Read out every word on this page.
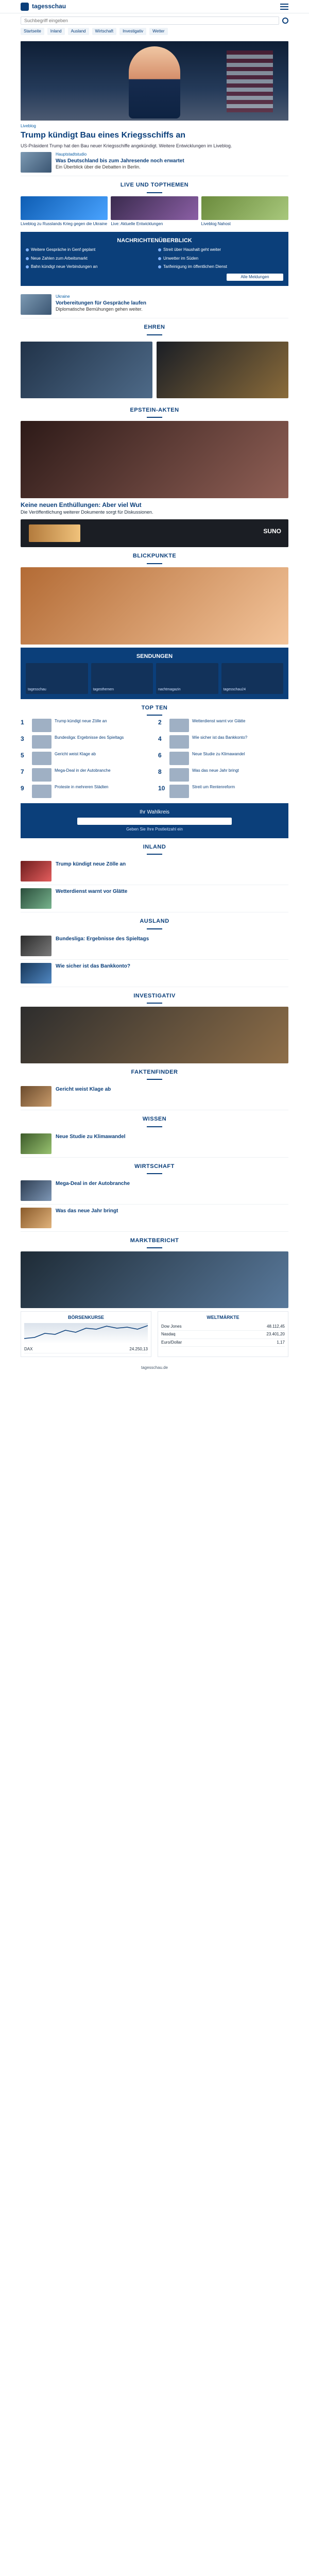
tagesschau
Suchbegriff eingeben
Startseite	Inland	Ausland	Wirtschaft	Investigativ	Wetter
Liveblog
Trump kündigt Bau eines Kriegsschiffs an
US-Präsident Trump hat den Bau neuer Kriegsschiffe angekündigt. Weitere Entwicklungen im Liveblog.
Hauptstadtstudio
Was Deutschland bis zum Jahresende noch erwartet
Ein Überblick über die Debatten in Berlin.
LIVE UND TOPTHEMEN
Liveblog zu Russlands Krieg gegen die Ukraine Live: Aktuelle Entwicklungen	Liveblog Nahost
NACHRICHTENÜBERBLICK
Weitere Gespräche in Genf geplant	Streit über Haushalt geht weiter
Neue Zahlen zum Arbeitsmarkt	Unwetter im Süden
Bahn kündigt neue Verbindungen an	Tarifeinigung im öffentlichen Dienst
Alle Meldungen
Ukraine
Vorbereitungen für Gespräche laufen
Diplomatische Bemühungen gehen weiter.
EHREN
EPSTEIN-AKTEN
Keine neuen Enthüllungen: Aber viel Wut
Die Veröffentlichung weiterer Dokumente sorgt für Diskussionen.
SUNO
BLICKPUNKTE
SENDUNGEN
tagesschau	tagesthemen	nachtmagazin	tagesschau24
TOP TEN
1	Trump kündigt neue Zölle an	2	Wetterdienst warnt vor Glätte
3	Bundesliga: Ergebnisse des Spieltags	4	Wie sicher ist das Bankkonto?
5	Gericht weist Klage ab	6	Neue Studie zu Klimawandel
7	Mega-Deal in der Autobranche	8	Was das neue Jahr bringt
9	Proteste in mehreren Städten	10	Streit um Rentenreform
Ihr Wahlkreis
Geben Sie Ihre Postleitzahl ein
INLAND
Trump kündigt neue Zölle an
Wetterdienst warnt vor Glätte
AUSLAND
Bundesliga: Ergebnisse des Spieltags
Wie sicher ist das Bankkonto?
INVESTIGATIV
FAKTENFINDER
Gericht weist Klage ab
WISSEN
Neue Studie zu Klimawandel
WIRTSCHAFT
Mega-Deal in der Autobranche
Was das neue Jahr bringt
MARKTBERICHT
BÖRSENKURSE
DAX	24.250,13
WELTMÄRKTE
Dow Jones	48.112,45
Nasdaq	23.401,20
Euro/Dollar	1,17
tagesschau.de
